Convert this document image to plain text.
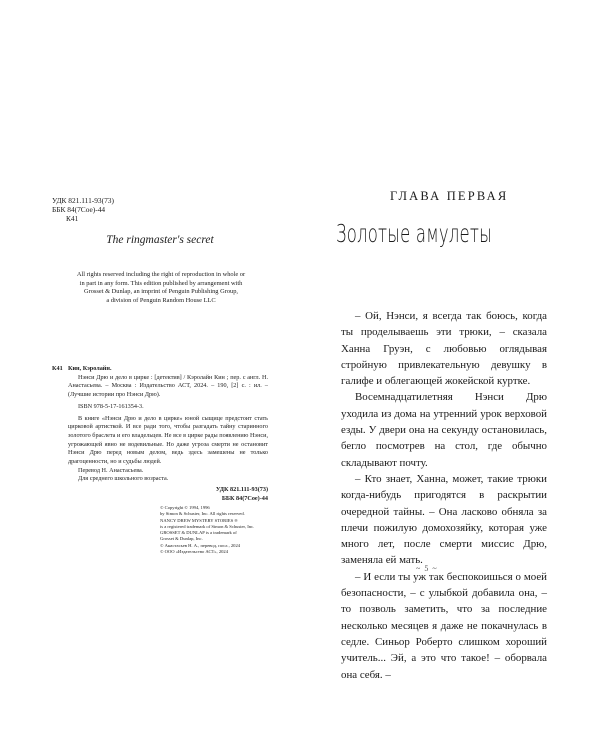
УДК 821.111-93(73)
ББК 84(7Сое)-44
К41
The ringmaster's secret
All rights reserved including the right of reproduction in whole or
in part in any form. This edition published by arrangement with
Grosset & Dunlap, an imprint of Penguin Publishing Group,
a division of Penguin Random House LLC
К41 Кин, Кэролайн.
Нэнси Дрю и дело в цирке : [детектив] / Кэролайн Кин ; пер. с англ. Н. Анастасьева. – Москва : Издательство АСТ, 2024. – 190, [2] с. : ил. – (Лучшие истории про Нэнси Дрю).
ISBN 978-5-17-161354-3.
В книге «Нэнси Дрю и дело в цирке» юной сыщице предстоит стать цирковой артисткой. И все ради того, чтобы разгадать тайну старинного золотого браслета и его владельцев. Не все в цирке рады появлению Нэнси, угрожающей явно не водевильные. Но даже угроза смерти не остановит Нэнси Дрю перед новым делом, ведь здесь замешены не только драгоценности, но и судьбы людей.
Перевод Н. Анастасьева.
Для среднего школьного возраста.
УДК 821.111-93(73)
ББК 84(7Сое)-44
© Copyright © 1994, 1996
by Simon & Schuster, Inc. All rights reserved.
NANCY DREW MYSTERY STORIES ®
is a registered trademark of Simon & Schuster, Inc.
GROSSET & DUNLAP is a trademark of
Grosset & Dunlap, Inc.
© Анастасьев Н. А., перевод, посл., 2024
© ООО «Издательство АСТ», 2024
ГЛАВА ПЕРВАЯ
Золотые амулеты

– Ой, Нэнси, я всегда так боюсь, когда ты проделываешь эти трюки, – сказала Ханна Груэн, с любовью оглядывая стройную привлекательную девушку в галифе и облегающей жокейской куртке.

Восемнадцатилетняя Нэнси Дрю уходила из дома на утренний урок верховой езды. У двери она на секунду остановилась, бегло посмотрев на стол, где обычно складывают почту.

– Кто знает, Ханна, может, такие трюки когда-нибудь пригодятся в раскрытии очередной тайны. – Она ласково обняла за плечи пожилую домохозяйку, которая уже много лет, после смерти миссис Дрю, заменяла ей мать.

– И если ты уж так беспокоишься о моей безопасности, – с улыбкой добавила она, – то позволь заметить, что за последние несколько месяцев я даже не покачнулась в седле. Синьор Роберто слишком хороший учитель... Эй, а это что такое! – оборвала она себя. –

~ 5 ~
